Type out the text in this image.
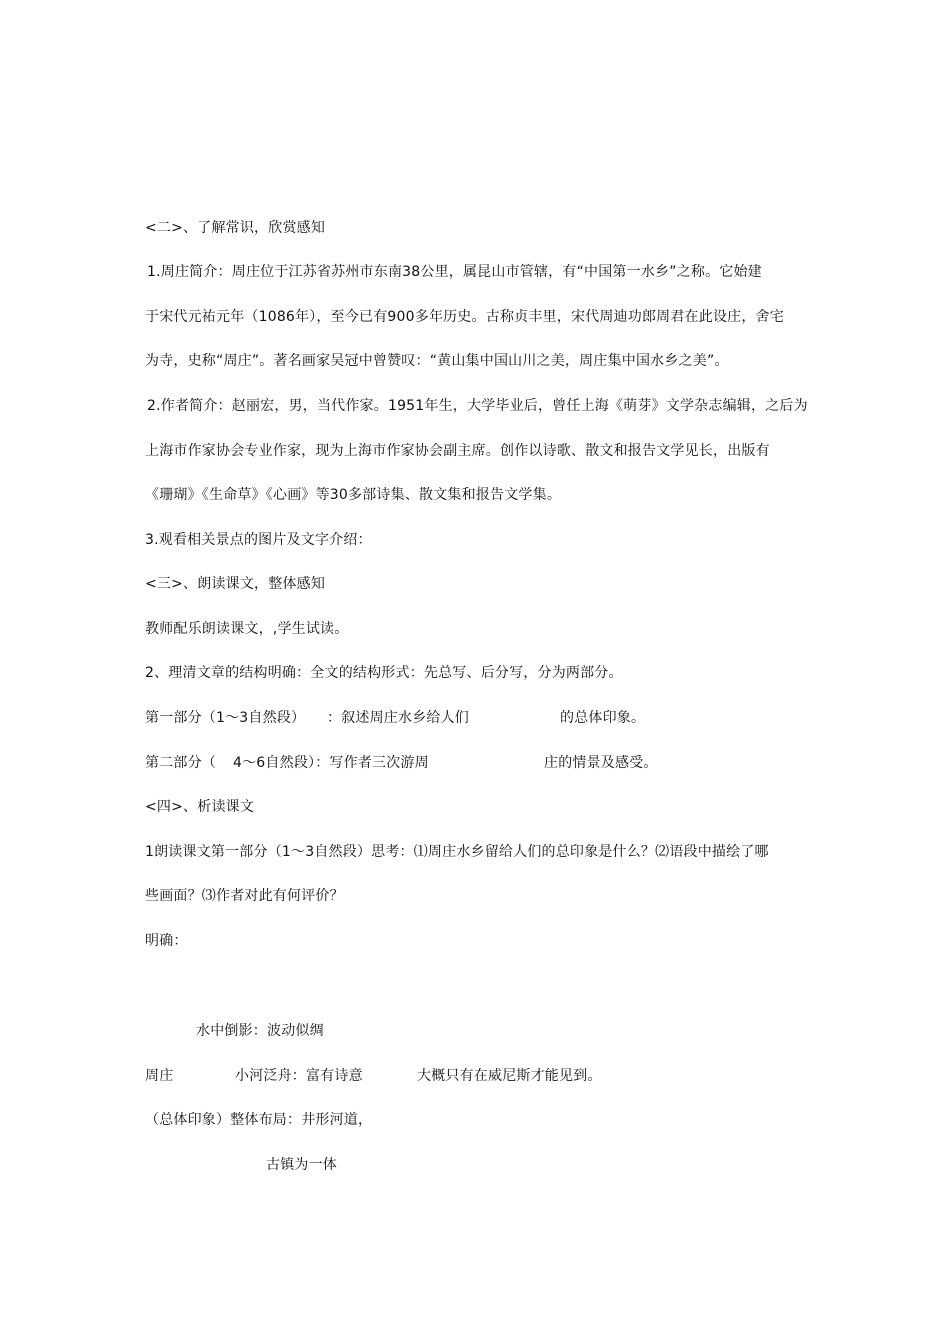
<二>、了解常识，欣赏感知
1.周庄简介：周庄位于江苏省苏州市东南38公里，属昆山市管辖，有“中国第一水乡”之称。它始建
于宋代元祐元年（1086年），至今已有900多年历史。古称贞丰里，宋代周迪功郎周君在此设庄，舍宅
为寺，史称“周庄”。著名画家吴冠中曾赞叹：“黄山集中国山川之美，周庄集中国水乡之美”。
2.作者简介：赵丽宏，男，当代作家。1951年生，大学毕业后，曾任上海《萌芽》文学杂志编辑，之后为
上海市作家协会专业作家，现为上海市作家协会副主席。创作以诗歌、散文和报告文学见长，出版有
《珊瑚》《生命草》《心画》等30多部诗集、散文集和报告文学集。
3.观看相关景点的图片及文字介绍：
<三>、朗读课文，整体感知
教师配乐朗读课文，,学生试读。
2、理清文章的结构明确：全文的结构形式：先总写、后分写，分为两部分。
第一部分（1～3自然段） ：叙述周庄水乡给人们	的总体印象。
第二部分（ 4～6自然段）：写作者三次游周	庄的情景及感受。
<四>、析读课文
1朗读课文第一部分（1～3自然段）思考：⑴周庄水乡留给人们的总印象是什么？⑵语段中描绘了哪
些画面？⑶作者对此有何评价？
明确：
水中倒影：波动似绸
周庄	小河泛舟：富有诗意	大概只有在威尼斯才能见到。
（总体印象）整体布局：井形河道，
古镇为一体
